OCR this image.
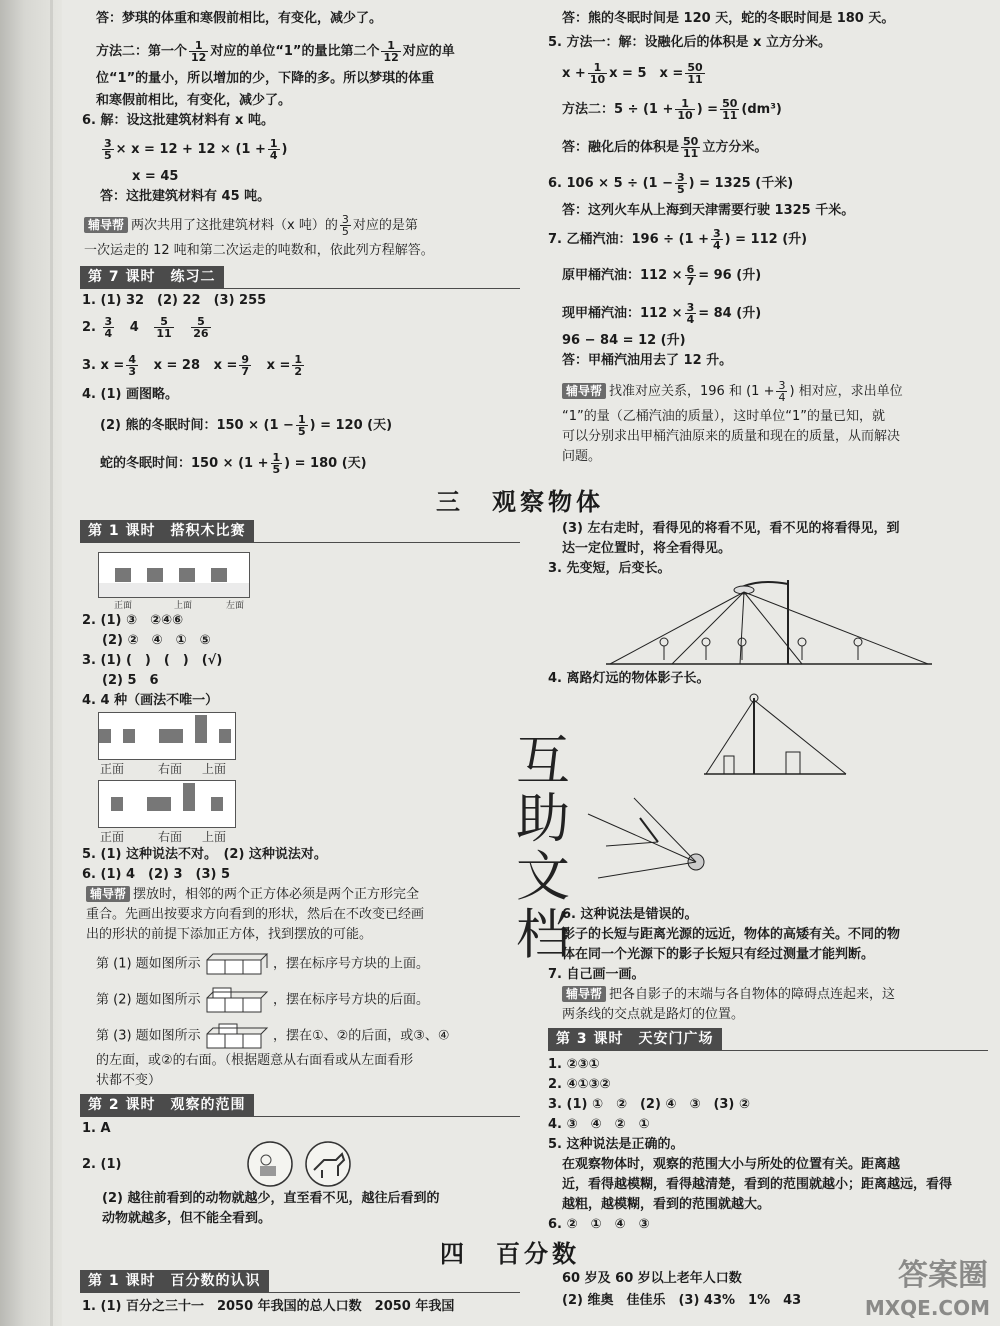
答：梦琪的体重和寒假前相比，有变化，减少了。
方法二：第一个 $\frac{1}{12}$ 对应的单位“1”的量比第二个 $\frac{1}{12}$ 对应的单
位“1”的量小，所以增加的少，下降的多。所以梦琪的体重
和寒假前相比，有变化，减少了。
6. 解：设这批建筑材料有 x 吨。
$\frac{3}{5} \times x = 12 + 12 \times (1 + \frac{1}{4}$ )
x = 45
答：这批建筑材料有 45 吨。
辅导帮 两次共用了这批建筑材料（x 吨）的 $\frac{3}{5}$ 对应的是第
一次运走的 12 吨和第二次运走的吨数和，依此列方程解答。
第 7 课时　练习二
1. (1) 32　(2) 22　(3) 255
2. $\frac{3}{4} 4 \frac{5}{11}$
$\frac{5}{26}$
3. $x = \frac{4}{3}$ x = 28 $x = \frac{9}{7}$ $x = \frac{1}{2}$
4. (1) 画图略。
(2) 熊的冬眠时间：$150 \times (1 - \frac{1}{5}$ ) = 120 (天)
蛇的冬眠时间：$150 \times (1 + \frac{1}{5}$ ) = 180 (天)
答：熊的冬眠时间是 120 天，蛇的冬眠时间是 180 天。
5. 方法一：解：设融化后的体积是 x 立方分米。
$x + \frac{1}{10}$ x = 5　$x = \frac{50}{11}$
方法二：$5 \div (1 + \frac{1}{10}$ ) = $\frac{50}{11} (dm^3)$
答：融化后的体积是 $\frac{50}{11}$ 立方分米。
6. $106 \times 5 \div (1 - \frac{3}{5}$ ) = 1325 (千米)
答：这列火车从上海到天津需要行驶 1325 千米。
7. 乙桶汽油：$196 \div (1 + \frac{3}{4}$ ) = 112 (升)
原甲桶汽油：$112 \times \frac{6}{7} = 96$ (升)
现甲桶汽油：$112 \times \frac{3}{4} = 84$ (升)
96 − 84 = 12 (升)
答：甲桶汽油用去了 12 升。
辅导帮 找准对应关系，196 和 ($1 + \frac{3}{4}$ ) 相对应，求出单位
“1”的量（乙桶汽油的质量），这时单位“1”的量已知，就
可以分别求出甲桶汽油原来的质量和现在的质量，从而解决
问题。
三　观察物体
第 1 课时　搭积木比赛
正面	上面	左面
2. (1) ③　②④⑥
(2) ②　④　①　⑤
3. (1) (　)　(　)　(√)
(2) 5　6
4. 4 种（画法不唯一）
正面	右面 上面
正面	右面 上面
5. (1) 这种说法不对。　(2) 这种说法对。
6. (1) 4　(2) 3　(3) 5
辅导帮 摆放时，相邻的两个正方体必须是两个正方形完全
重合。先画出按要求方向看到的形状，然后在不改变已经画
出的形状的前提下添加正方体，找到摆放的可能。
第 (1) 题如图所示	，摆在标序号方块的上面。
第 (2) 题如图所示	，摆在标序号方块的后面。
第 (3) 题如图所示	，摆在①、②的后面，或③、④
的左面，或②的右面。（根据题意从右面看或从左面看形
状都不变）
第 2 课时　观察的范围
1. A
2. (1)
(2) 越往前看到的动物就越少，直至看不见，越往后看到的
动物就越多，但不能全看到。
四　百分数
第 1 课时　百分数的认识
1. (1) 百分之三十一　2050 年我国的总人口数　2050 年我国
(3) 左右走时，看得见的将看不见，看不见的将看得见，到
达一定位置时，将全看得见。
3. 先变短，后变长。
4. 离路灯远的物体影子长。
互
助
文
档
6. 这种说法是错误的。
影子的长短与距离光源的远近，物体的高矮有关。不同的物
体在同一个光源下的影子长短只有经过测量才能判断。
7. 自己画一画。
辅导帮 把各自影子的末端与各自物体的障碍点连起来，这
两条线的交点就是路灯的位置。
第 3 课时　天安门广场
1. ②③①
2. ④①③②
3. (1) ①　②　(2) ④　③　(3) ②
4. ③　④　②　①
5. 这种说法是正确的。
在观察物体时，观察的范围大小与所处的位置有关。距离越
近，看得越模糊，看得越清楚，看到的范围就越小；距离越远，看得
越粗，越模糊，看到的范围就越大。
6. ②　①　④　③
60 岁及 60 岁以上老年人口数
(2) 维奥　佳佳乐　(3) 43%　1%　43
答案圈
MXQE.COM
